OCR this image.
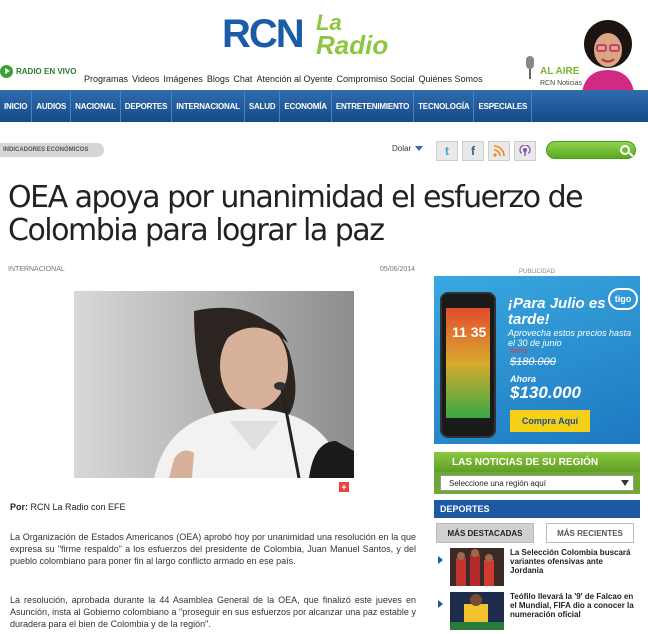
RCN La
Radio
RADIO EN VIVO
Programas Videos Imágenes Blogs Chat Atención al Oyente Compromiso Social Quiénes Somos
AL AIRE
RCN Noticias
INICIO	AUDIOS	NACIONAL	DEPORTES	INTERNACIONAL	SALUD	ECONOMÍA	ENTRETENIMIENTO	TECNOLOGÍA	ESPECIALES
INDICADORES ECONÓMICOS	Dolar	t	f
OEA apoya por unanimidad el esfuerzo de Colombia para lograr la paz
INTERNACIONAL	05/06/2014
+
Por: RCN La Radio con EFE

La Organización de Estados Americanos (OEA) aprobó hoy por unanimidad una resolución en la que expresa su "firme respaldo" a los esfuerzos del presidente de Colombia, Juan Manuel Santos, y del pueblo colombiano para poner fin al largo conflicto armado en ese país.

La resolución, aprobada durante la 44 Asamblea General de la OEA, que finalizó este jueves en Asunción, insta al Gobierno colombiano a "proseguir en sus esfuerzos por alcanzar una paz estable y duradera para el bien de Colombia y de la región".

PUBLICIDAD
11 35
¡Para Julio es tarde!
Aprovecha estos precios hasta el 30 de junio
Antes
$180.000
Ahora
$130.000
Compra Aquí
tigo
LAS NOTICIAS DE SU REGIÓN
Seleccione una región aquí
DEPORTES
MÁS DESTACADAS	MÁS RECIENTES
La Selección Colombia buscará variantes ofensivas ante Jordania
Teófilo llevará la '9' de Falcao en el Mundial, FIFA dio a conocer la numeración oficial
